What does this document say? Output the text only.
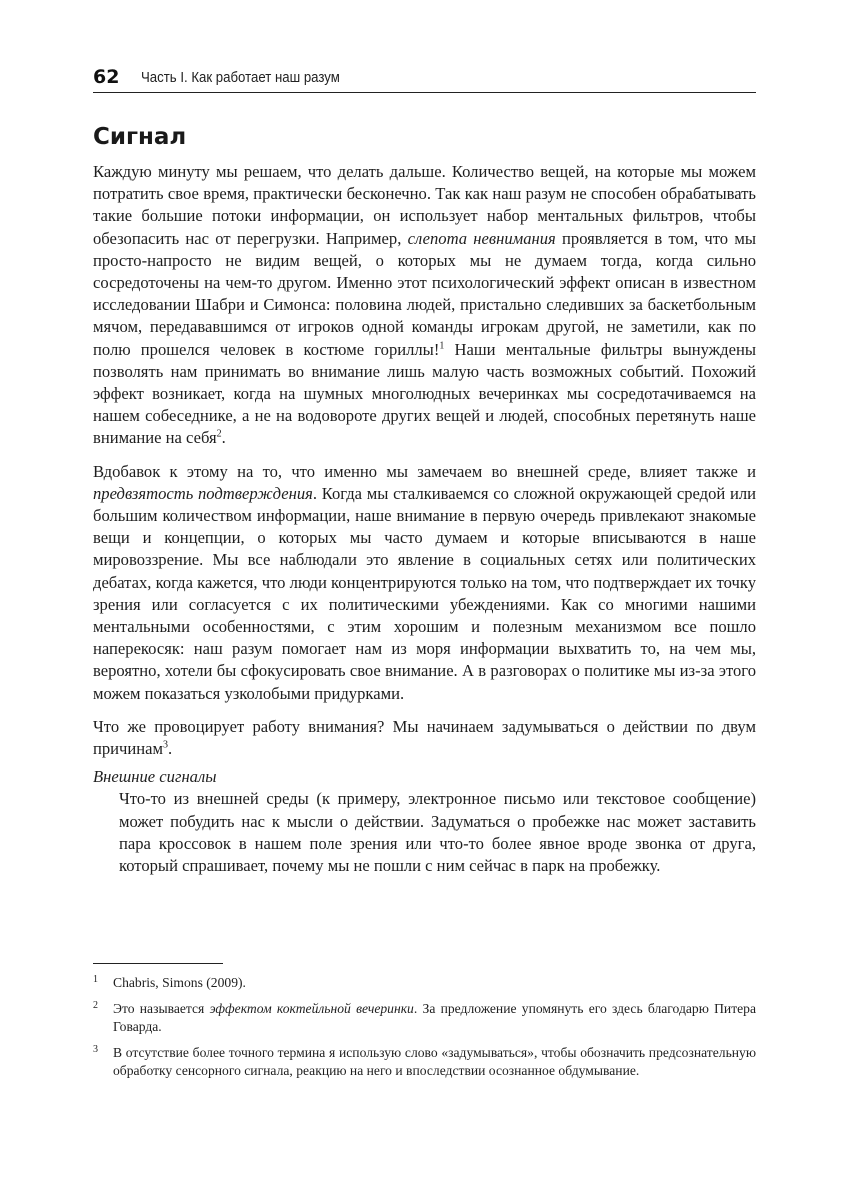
62 Часть I. Как работает наш разум
Сигнал

Каждую минуту мы решаем, что делать дальше. Количество вещей, на которые мы можем потратить свое время, практически бесконечно. Так как наш разум не способен обрабатывать такие большие потоки информации, он использует набор ментальных фильтров, чтобы обезопасить нас от перегрузки. Например, слепота невнимания проявляется в том, что мы просто-напросто не видим вещей, о которых мы не думаем тогда, когда сильно сосредоточены на чем-то другом. Именно этот психологический эффект описан в известном исследовании Шабри и Симонса: половина людей, пристально следивших за баскетбольным мячом, передававшимся от игроков одной команды игрокам другой, не заметили, как по полю прошелся человек в костюме гориллы!$^1$ Наши ментальные фильтры вынуждены позволять нам принимать во внимание лишь малую часть возможных событий. Похожий эффект возникает, когда на шумных многолюдных вечеринках мы сосредотачиваемся на нашем собеседнике, а не на водовороте других вещей и людей, способных перетянуть наше внимание на себя$^2$.

Вдобавок к этому на то, что именно мы замечаем во внешней среде, влияет также и предвзятость подтверждения. Когда мы сталкиваемся со сложной окружающей средой или большим количеством информации, наше внимание в первую очередь привлекают знакомые вещи и концепции, о которых мы часто думаем и которые вписываются в наше мировоззрение. Мы все наблюдали это явление в социальных сетях или политических дебатах, когда кажется, что люди концентрируются только на том, что подтверждает их точку зрения или согласуется с их политическими убеждениями. Как со многими нашими ментальными особенностями, с этим хорошим и полезным механизмом все пошло наперекосяк: наш разум помогает нам из моря информации выхватить то, на чем мы, вероятно, хотели бы сфокусировать свое внимание. А в разговорах о политике мы из-за этого можем показаться узколобыми придурками.

Что же провоцирует работу внимания? Мы начинаем задумываться о действии по двум причинам$^3$.

Внешние сигналы

Что-то из внешней среды (к примеру, электронное письмо или текстовое сообщение) может побудить нас к мысли о действии. Задуматься о пробежке нас может заставить пара кроссовок в нашем поле зрения или что-то более явное вроде звонка от друга, который спрашивает, почему мы не пошли с ним сейчас в парк на пробежку.

1	Chabris, Simons (2009).
2	Это называется эффектом коктейльной вечеринки. За предложение упомянуть его здесь благодарю Питера Говарда.
3	В отсутствие более точного термина я использую слово «задумываться», чтобы обозначить предсознательную обработку сенсорного сигнала, реакцию на него и впоследствии осознанное обдумывание.
